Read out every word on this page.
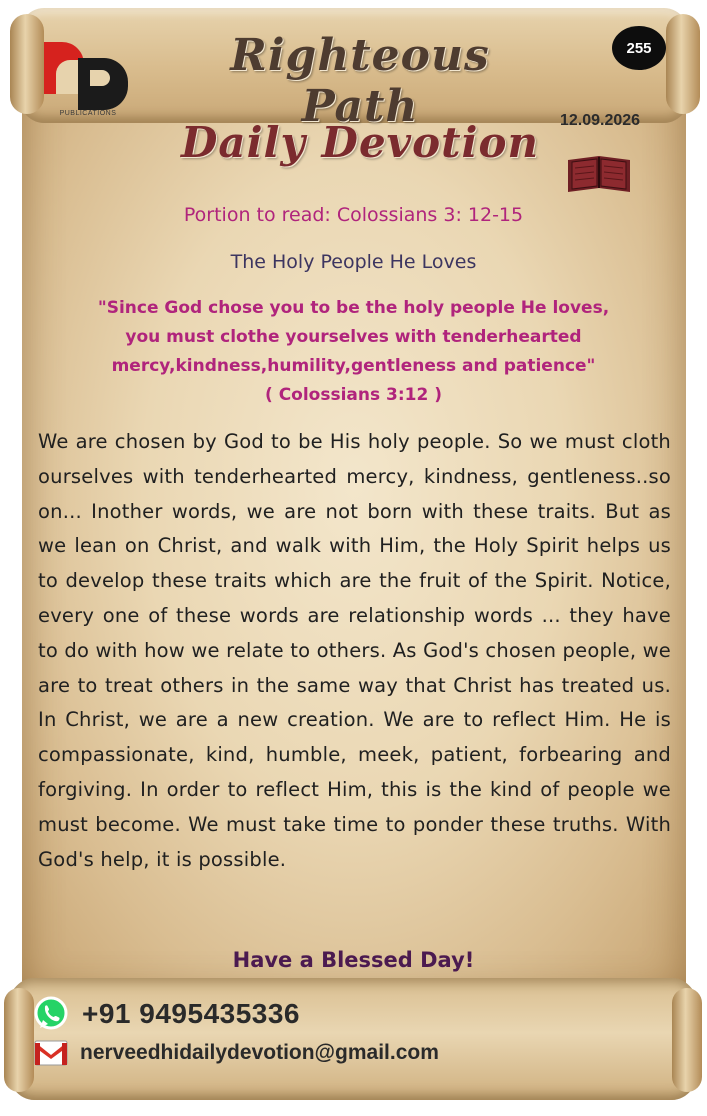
PUBLICATIONS
Righteous Path
255
12.09.2026
Daily Devotion
Portion to read: Colossians 3: 12-15
The Holy People He Loves
"Since God chose you to be the holy people He loves,
you must clothe yourselves with tenderhearted
mercy,kindness,humility,gentleness and patience"
( Colossians 3:12 )
We are chosen by God to be His holy people. So we must cloth ourselves with tenderhearted mercy, kindness, gentleness..so on... Inother words, we are not born with these traits. But as we lean on Christ, and walk with Him, the Holy Spirit helps us to develop these traits which are the fruit of the Spirit. Notice, every one of these words are relationship words ... they have to do with how we relate to others. As God's chosen people, we are to treat others in the same way that Christ has treated us. In Christ, we are a new creation. We are to reflect Him. He is compassionate, kind, humble, meek, patient, forbearing and forgiving. In order to reflect Him, this is the kind of people we must become. We must take time to ponder these truths. With God's help, it is possible.
Have a Blessed Day!
+91 9495435336
nerveedhidailydevotion@gmail.com
